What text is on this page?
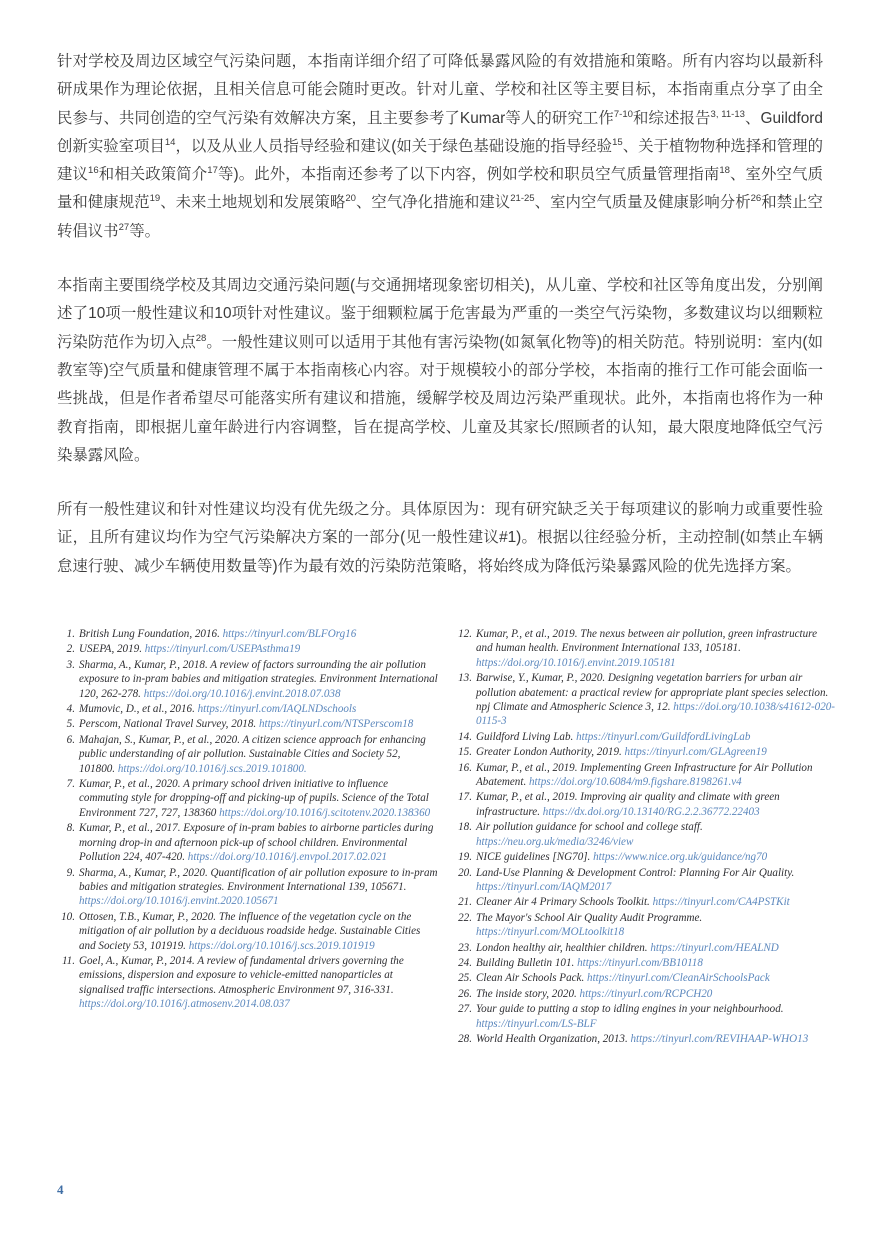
针对学校及周边区域空气污染问题，本指南详细介绍了可降低暴露风险的有效措施和策略。所有内容均以最新科研成果作为理论依据，且相关信息可能会随时更改。针对儿童、学校和社区等主要目标，本指南重点分享了由全民参与、共同创造的空气污染有效解决方案，且主要参考了Kumar等人的研究工作$^{7-10}$和综述报告$^{3, 11-13}$、Guildford创新实验室项目$^{14}$，以及从业人员指导经验和建议(如关于绿色基础设施的指导经验$^{15}$、关于植物物种选择和管理的建议$^{16}$和相关政策简介$^{17}$等)。此外，本指南还参考了以下内容，例如学校和职员空气质量管理指南$^{18}$、室外空气质量和健康规范$^{19}$、未来土地规划和发展策略$^{20}$、空气净化措施和建议$^{21-25}$、室内空气质量及健康影响分析$^{26}$和禁止空转倡议书$^{27}$等。

本指南主要围绕学校及其周边交通污染问题(与交通拥堵现象密切相关)，从儿童、学校和社区等角度出发，分别阐述了10项一般性建议和10项针对性建议。鉴于细颗粒属于危害最为严重的一类空气污染物，多数建议均以细颗粒污染防范作为切入点$^{28}$。一般性建议则可以适用于其他有害污染物(如氮氧化物等)的相关防范。特别说明：室内(如教室等)空气质量和健康管理不属于本指南核心内容。对于规模较小的部分学校，本指南的推行工作可能会面临一些挑战，但是作者希望尽可能落实所有建议和措施，缓解学校及周边污染严重现状。此外，本指南也将作为一种教育指南，即根据儿童年龄进行内容调整，旨在提高学校、儿童及其家长/照顾者的认知，最大限度地降低空气污染暴露风险。

所有一般性建议和针对性建议均没有优先级之分。具体原因为：现有研究缺乏关于每项建议的影响力或重要性验证，且所有建议均作为空气污染解决方案的一部分(见一般性建议#1)。根据以往经验分析，主动控制(如禁止车辆怠速行驶、减少车辆使用数量等)作为最有效的污染防范策略，将始终成为降低污染暴露风险的优先选择方案。

1. British Lung Foundation, 2016. https://tinyurl.com/BLFOrg16
2. USEPA, 2019. https://tinyurl.com/USEPAsthma19
3. Sharma, A., Kumar, P., 2018. A review of factors surrounding the air pollution exposure to in-pram babies and mitigation strategies. Environment International 120, 262-278. https://doi.org/10.1016/j.envint.2018.07.038
4. Mumovic, D., et al., 2016. https://tinyurl.com/IAQLNDschools
5. Perscom, National Travel Survey, 2018. https://tinyurl.com/NTSPerscom18
6. Mahajan, S., Kumar, P., et al., 2020. A citizen science approach for enhancing public understanding of air pollution. Sustainable Cities and Society 52, 101800. https://doi.org/10.1016/j.scs.2019.101800.
7. Kumar, P., et al., 2020. A primary school driven initiative to influence commuting style for dropping-off and picking-up of pupils. Science of the Total Environment 727, 727, 138360 https://doi.org/10.1016/j.scitotenv.2020.138360
8. Kumar, P., et al., 2017. Exposure of in-pram babies to airborne particles during morning drop-in and afternoon pick-up of school children. Environmental Pollution 224, 407-420. https://doi.org/10.1016/j.envpol.2017.02.021
9. Sharma, A., Kumar, P., 2020. Quantification of air pollution exposure to in-pram babies and mitigation strategies. Environment International 139, 105671. https://doi.org/10.1016/j.envint.2020.105671
10. Ottosen, T.B., Kumar, P., 2020. The influence of the vegetation cycle on the mitigation of air pollution by a deciduous roadside hedge. Sustainable Cities and Society 53, 101919. https://doi.org/10.1016/j.scs.2019.101919
11. Goel, A., Kumar, P., 2014. A review of fundamental drivers governing the emissions, dispersion and exposure to vehicle-emitted nanoparticles at signalised traffic intersections. Atmospheric Environment 97, 316-331. https://doi.org/10.1016/j.atmosenv.2014.08.037
12. Kumar, P., et al., 2019. The nexus between air pollution, green infrastructure and human health. Environment International 133, 105181. https://doi.org/10.1016/j.envint.2019.105181
13. Barwise, Y., Kumar, P., 2020. Designing vegetation barriers for urban air pollution abatement: a practical review for appropriate plant species selection. npj Climate and Atmospheric Science 3, 12. https://doi.org/10.1038/s41612-020-0115-3
14. Guildford Living Lab. https://tinyurl.com/GuildfordLivingLab
15. Greater London Authority, 2019. https://tinyurl.com/GLAgreen19
16. Kumar, P., et al., 2019. Implementing Green Infrastructure for Air Pollution Abatement. https://doi.org/10.6084/m9.figshare.8198261.v4
17. Kumar, P., et al., 2019. Improving air quality and climate with green infrastructure. https://dx.doi.org/10.13140/RG.2.2.36772.22403
18. Air pollution guidance for school and college staff. https://neu.org.uk/media/3246/view
19. NICE guidelines [NG70]. https://www.nice.org.uk/guidance/ng70
20. Land-Use Planning & Development Control: Planning For Air Quality. https://tinyurl.com/IAQM2017
21. Cleaner Air 4 Primary Schools Toolkit. https://tinyurl.com/CA4PSTKit
22. The Mayor's School Air Quality Audit Programme. https://tinyurl.com/MOLtoolkit18
23. London healthy air, healthier children. https://tinyurl.com/HEALND
24. Building Bulletin 101. https://tinyurl.com/BB10118
25. Clean Air Schools Pack. https://tinyurl.com/CleanAirSchoolsPack
26. The inside story, 2020. https://tinyurl.com/RCPCH20
27. Your guide to putting a stop to idling engines in your neighbourhood. https://tinyurl.com/LS-BLF
28. World Health Organization, 2013. https://tinyurl.com/REVIHAAP-WHO13
4
